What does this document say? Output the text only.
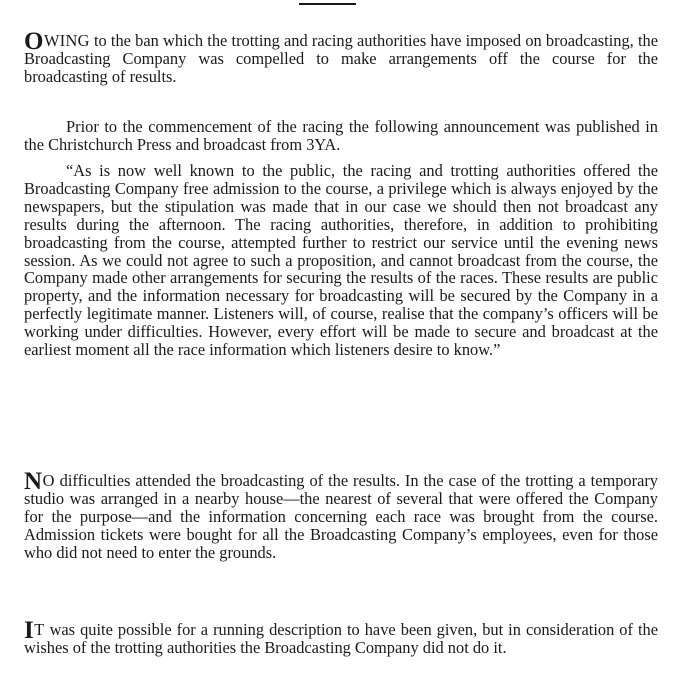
OWING to the ban which the trotting and racing authorities have imposed on broadcasting, the Broadcasting Company was compelled to make arrangements off the course for the broadcasting of results.

Prior to the commencement of the racing the following announcement was published in the Christchurch Press and broadcast from 3YA.

“As is now well known to the public, the racing and trotting authorities offered the Broadcasting Company free admission to the course, a privilege which is always enjoyed by the newspapers, but the stipulation was made that in our case we should then not broadcast any results during the afternoon. The racing authorities, therefore, in addition to prohibiting broadcasting from the course, attempted further to restrict our service until the evening news session. As we could not agree to such a proposition, and cannot broadcast from the course, the Company made other arrangements for securing the results of the races. These results are public property, and the information necessary for broadcasting will be secured by the Company in a perfectly legitimate manner. Listeners will, of course, realise that the company’s officers will be working under difficulties. However, every effort will be made to secure and broadcast at the earliest moment all the race information which listeners desire to know.”

NO difficulties attended the broadcasting of the results. In the case of the trotting a temporary studio was arranged in a nearby house—the nearest of several that were offered the Company for the purpose—and the information concerning each race was brought from the course. Admission tickets were bought for all the Broadcasting Company’s employees, even for those who did not need to enter the grounds.

IT was quite possible for a running description to have been given, but in consideration of the wishes of the trotting authorities the Broadcasting Company did not do it.
